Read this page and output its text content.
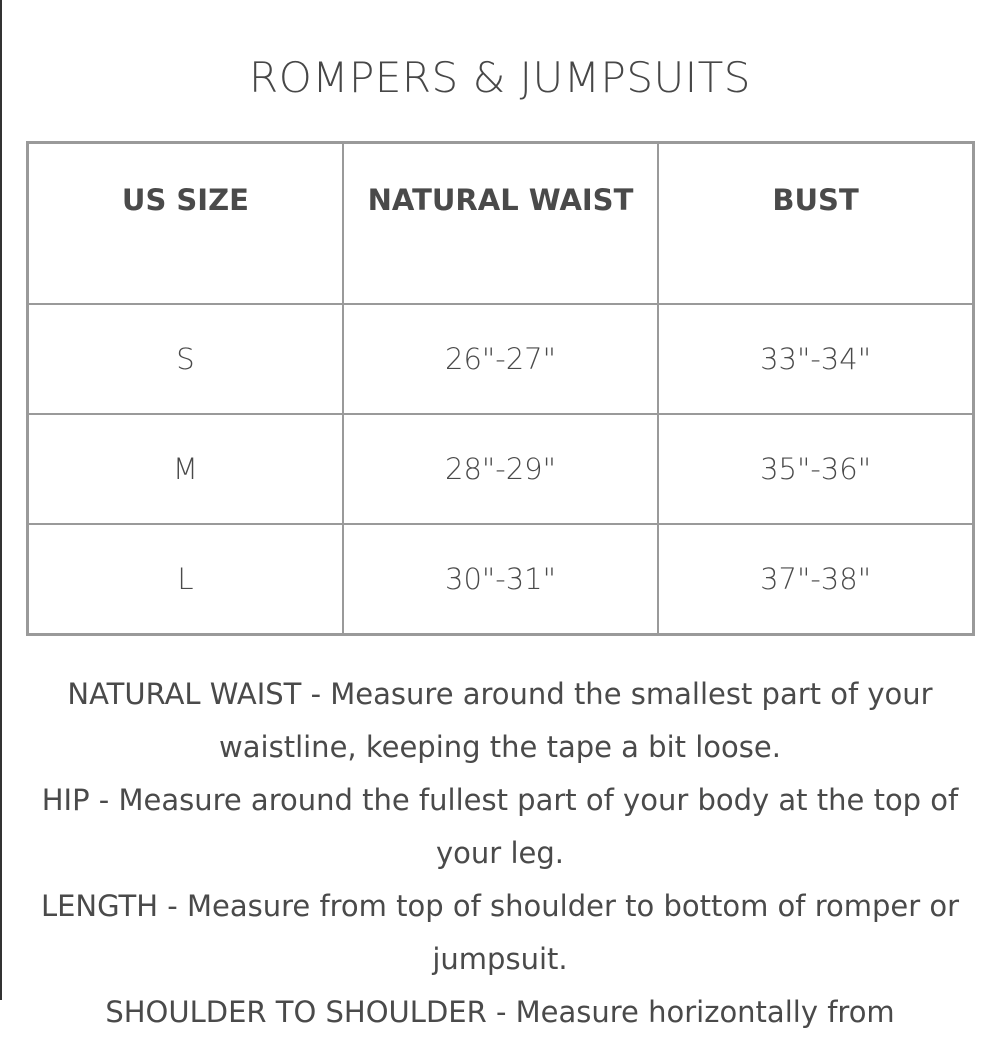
ROMPERS & JUMPSUITS
US SIZE	NATURAL WAIST	BUST
S	26"-27"	33"-34"
M	28"-29"	35"-36"
L	30"-31"	37"-38"

NATURAL WAIST - Measure around the smallest part of your waistline, keeping the tape a bit loose.

HIP - Measure around the fullest part of your body at the top of your leg.

LENGTH - Measure from top of shoulder to bottom of romper or jumpsuit.

SHOULDER TO SHOULDER - Measure horizontally from
